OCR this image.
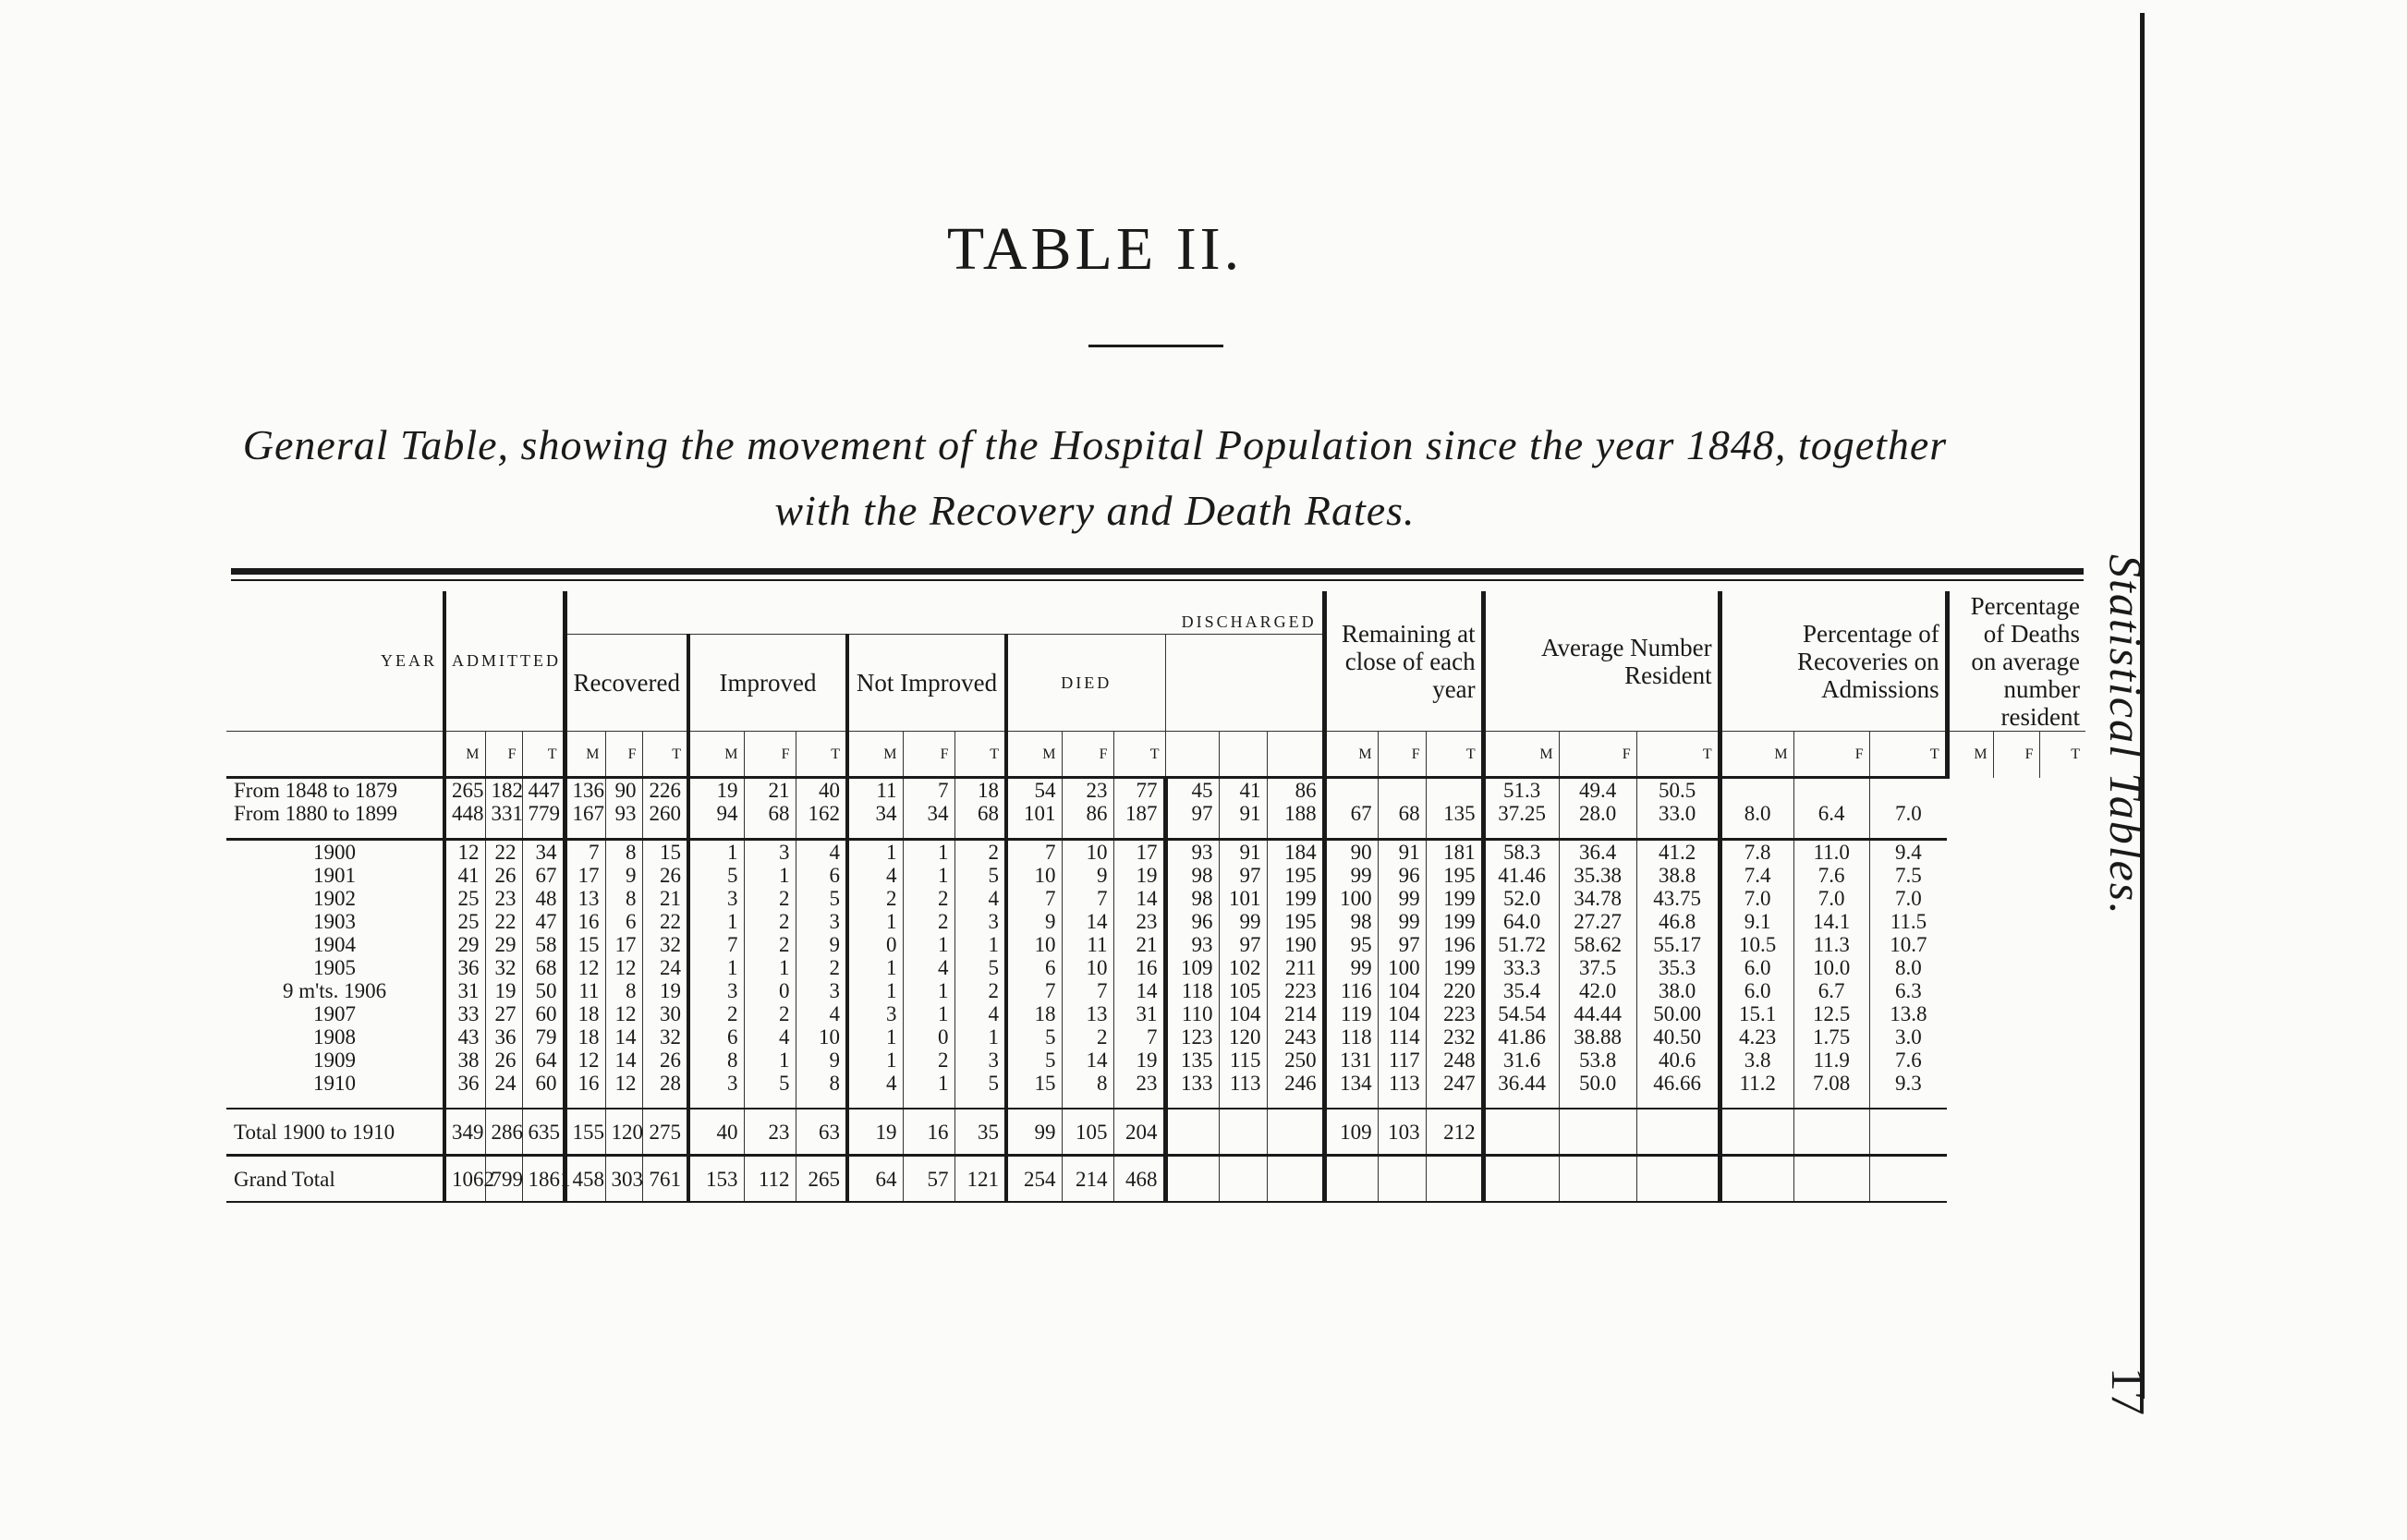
TABLE II.
General Table, showing the movement of the Hospital Population since the year 1848, together
with the Recovery and Death Rates.
Statistical Tables.
17
YEAR	ADMITTED			DISCHARGED															Remaining at close of each year			Average Number Resident			Percentage of Recoveries on Admissions			Percentage of Deaths on average number resident		
				Recovered			Improved			Not Improved			DIED																	
	M	F	T	M	F	T	M	F	T	M	F	T	M	F	T				M	F	T	M	F	T	M	F	T	M	F	T
From 1848 to 1879	265	182	447	136	90	226	19	21	40	11	7	18	54	23	77	45	41	86				51.3	49.4	50.5						
From 1880 to 1899	448	331	779	167	93	260	94	68	162	34	34	68	101	86	187	97	91	188	67	68	135	37.25	28.0	33.0	8.0	6.4	7.0			

1900	12	22	34	7	8	15	1	3	4	1	1	2	7	10	17	93	91	184	90	91	181	58.3	36.4	41.2	7.8	11.0	9.4			
1901	41	26	67	17	9	26	5	1	6	4	1	5	10	9	19	98	97	195	99	96	195	41.46	35.38	38.8	7.4	7.6	7.5			
1902	25	23	48	13	8	21	3	2	5	2	2	4	7	7	14	98	101	199	100	99	199	52.0	34.78	43.75	7.0	7.0	7.0			
1903	25	22	47	16	6	22	1	2	3	1	2	3	9	14	23	96	99	195	98	99	199	64.0	27.27	46.8	9.1	14.1	11.5			
1904	29	29	58	15	17	32	7	2	9	0	1	1	10	11	21	93	97	190	95	97	196	51.72	58.62	55.17	10.5	11.3	10.7			
1905	36	32	68	12	12	24	1	1	2	1	4	5	6	10	16	109	102	211	99	100	199	33.3	37.5	35.3	6.0	10.0	8.0			
9 m'ts. 1906	31	19	50	11	8	19	3	0	3	1	1	2	7	7	14	118	105	223	116	104	220	35.4	42.0	38.0	6.0	6.7	6.3			
1907	33	27	60	18	12	30	2	2	4	3	1	4	18	13	31	110	104	214	119	104	223	54.54	44.44	50.00	15.1	12.5	13.8			
1908	43	36	79	18	14	32	6	4	10	1	0	1	5	2	7	123	120	243	118	114	232	41.86	38.88	40.50	4.23	1.75	3.0			
1909	38	26	64	12	14	26	8	1	9	1	2	3	5	14	19	135	115	250	131	117	248	31.6	53.8	40.6	3.8	11.9	7.6			
1910	36	24	60	16	12	28	3	5	8	4	1	5	15	8	23	133	113	246	134	113	247	36.44	50.0	46.66	11.2	7.08	9.3			

Total 1900 to 1910	349	286	635	155	120	275	40	23	63	19	16	35	99	105	204				109	103	212									
Grand Total	1062	799	1861	458	303	761	153	112	265	64	57	121	254	214	468															
